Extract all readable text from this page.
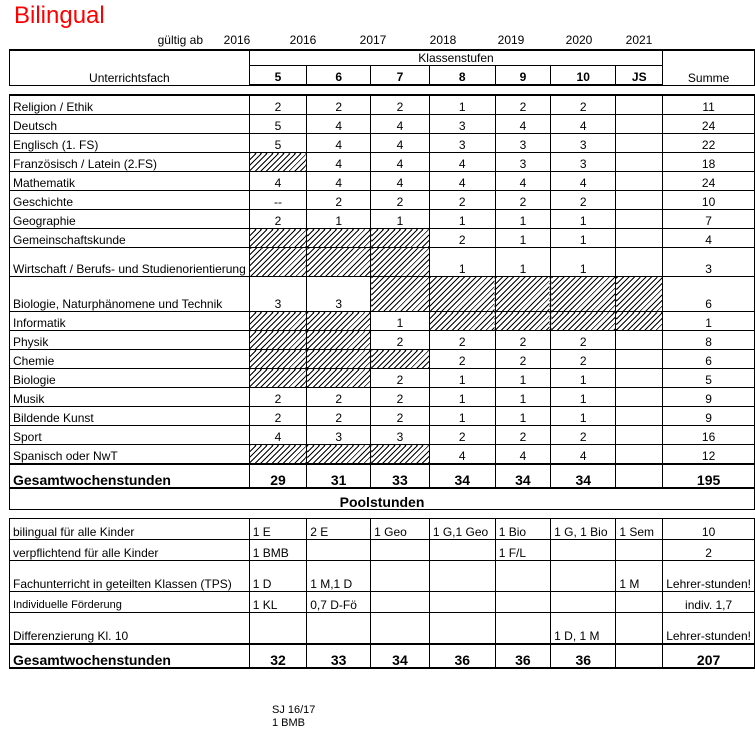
Bilingual
gültig ab	2016	2016	2017	2018	2019	2020	2021
Unterrichtsfach	Klassenstufen							Summe
	5	6	7	8	9	10	JS	

Religion / Ethik	2	2	2	1	2	2		11
Deutsch	5	4	4	3	4	4		24
Englisch (1. FS)	5	4	4	3	3	3		22
Französisch / Latein (2.FS)		4	4	4	3	3		18
Mathematik	4	4	4	4	4	4		24
Geschichte	--	2	2	2	2	2		10
Geographie	2	1	1	1	1	1		7
Gemeinschaftskunde				2	1	1		4
Wirtschaft / Berufs- und Studienorientierung				1	1	1		3
Biologie, Naturphänomene und Technik	3	3						6
Informatik			1					1
Physik			2	2	2	2		8
Chemie				2	2	2		6
Biologie			2	1	1	1		5
Musik	2	2	2	1	1	1		9
Bildende Kunst	2	2	2	1	1	1		9
Sport	4	3	3	2	2	2		16
Spanisch oder NwT				4	4	4		12
Gesamtwochenstunden	29	31	33	34	34	34		195
Poolstunden								

bilingual für alle Kinder	1 E	2 E	1 Geo	1 G,1 Geo	1 Bio	1 G, 1 Bio	1 Sem	10
verpflichtend für alle Kinder	1 BMB				1 F/L			2
Fachunterricht in geteilten Klassen (TPS)	1 D	1 M,1 D					1 M	Lehrer-stunden!
Individuelle Förderung	1 KL	0,7 D-Fö						indiv. 1,7
Differenzierung Kl. 10						1 D, 1 M		Lehrer-stunden!
Gesamtwochenstunden	32	33	34	36	36	36		207
SJ 16/17
1 BMB
